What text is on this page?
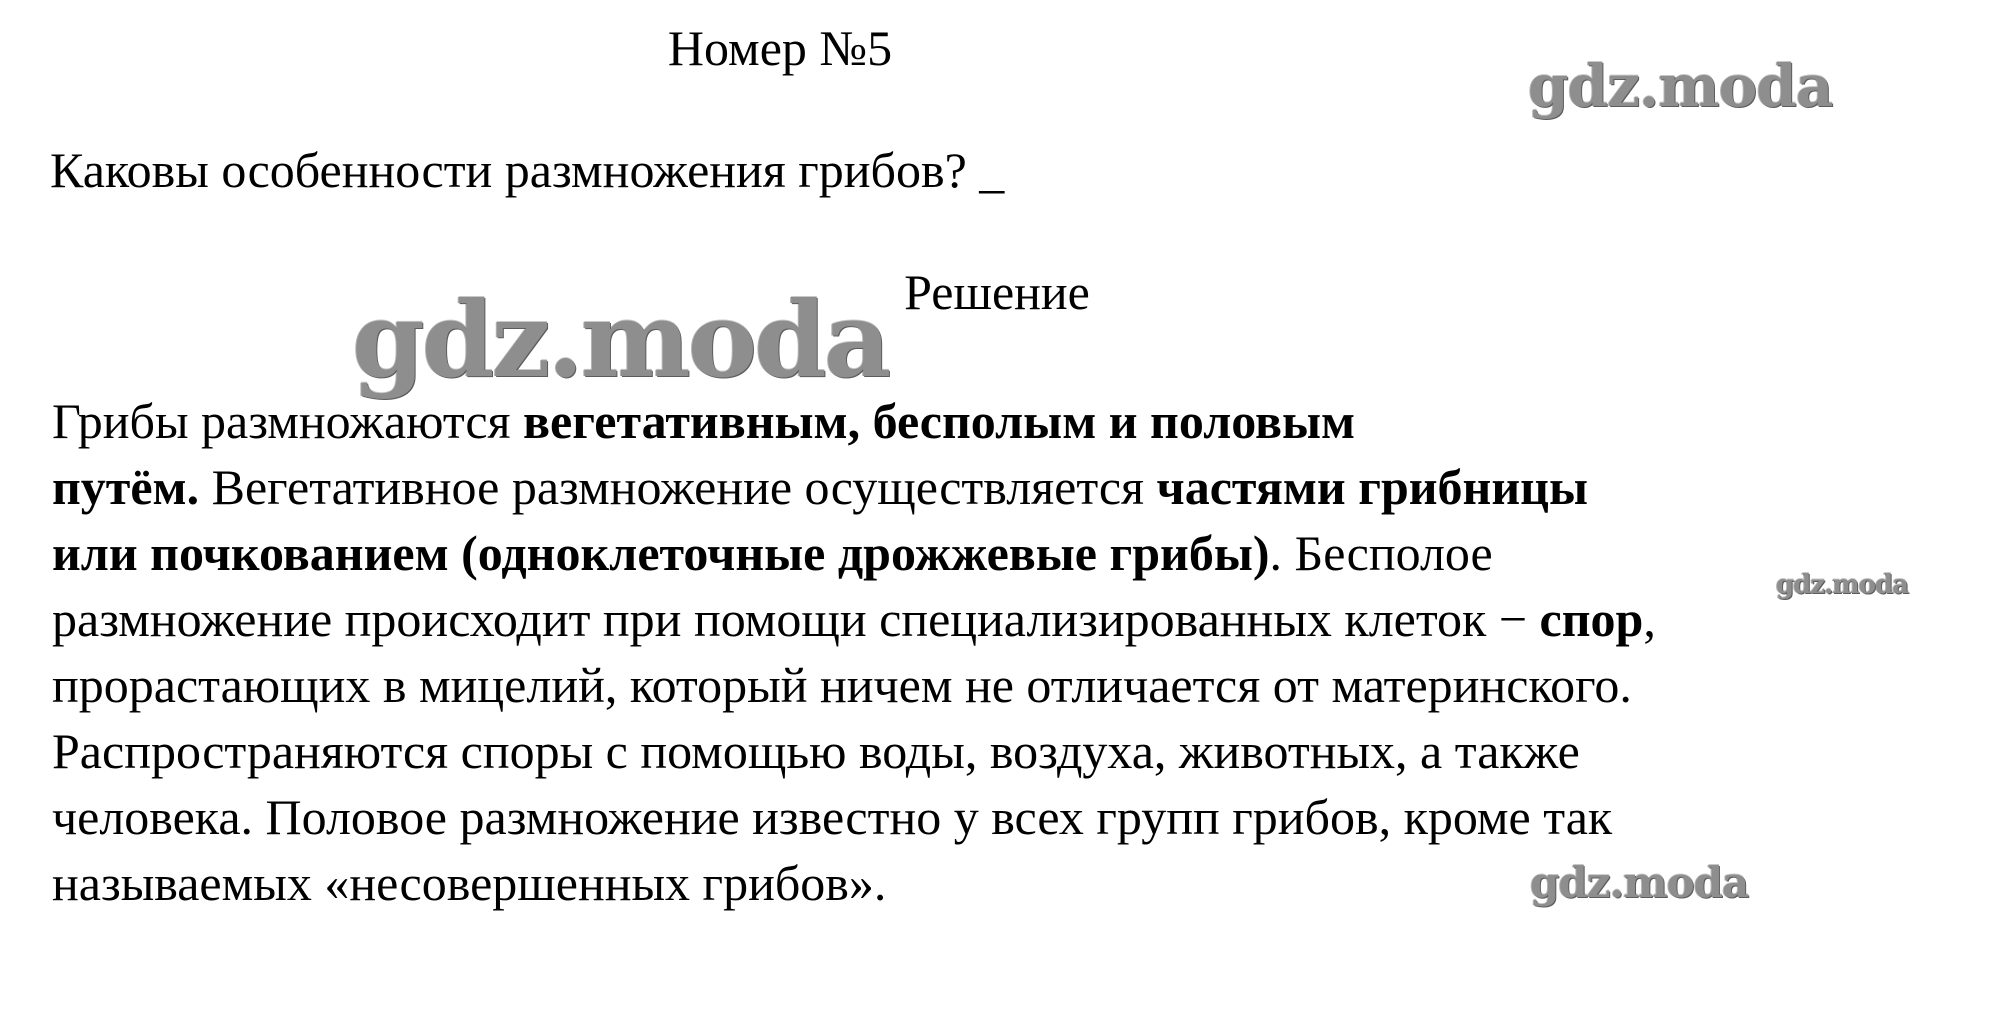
Номер №5
gdz.moda
Каковы особенности размножения грибов? _
Решение
gdz.moda
Грибы размножаются вегетативным, бесполым и половым
путём. Вегетативное размножение осуществляется частями грибницы
или почкованием (одноклеточные дрожжевые грибы). Бесполое
размножение происходит при помощи специализированных клеток − спор,
прорастающих в мицелий, который ничем не отличается от материнского.
Распространяются споры с помощью воды, воздуха, животных, а также
человека. Половое размножение известно у всех групп грибов, кроме так
называемых «несовершенных грибов».
gdz.moda
gdz.moda
